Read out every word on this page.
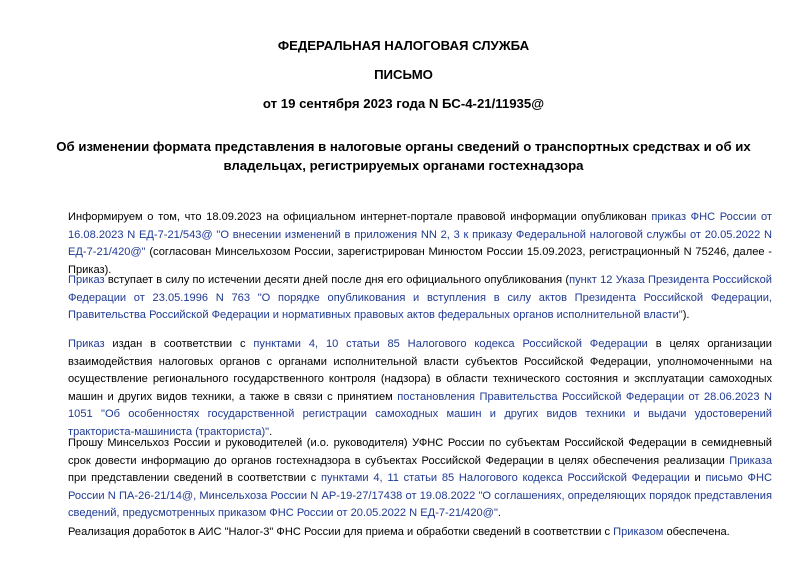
ФЕДЕРАЛЬНАЯ НАЛОГОВАЯ СЛУЖБА
ПИСЬМО
от 19 сентября 2023 года N БС-4-21/11935@
Об изменении формата представления в налоговые органы сведений о транспортных средствах и об их владельцах, регистрируемых органами гостехнадзора
Информируем о том, что 18.09.2023 на официальном интернет-портале правовой информации опубликован приказ ФНС России от 16.08.2023 N ЕД-7-21/543@ "О внесении изменений в приложения NN 2, 3 к приказу Федеральной налоговой службы от 20.05.2022 N ЕД-7-21/420@" (согласован Минсельхозом России, зарегистрирован Минюстом России 15.09.2023, регистрационный N 75246, далее - Приказ).
Приказ вступает в силу по истечении десяти дней после дня его официального опубликования (пункт 12 Указа Президента Российской Федерации от 23.05.1996 N 763 "О порядке опубликования и вступления в силу актов Президента Российской Федерации, Правительства Российской Федерации и нормативных правовых актов федеральных органов исполнительной власти").
Приказ издан в соответствии с пунктами 4, 10 статьи 85 Налогового кодекса Российской Федерации в целях организации взаимодействия налоговых органов с органами исполнительной власти субъектов Российской Федерации, уполномоченными на осуществление регионального государственного контроля (надзора) в области технического состояния и эксплуатации самоходных машин и других видов техники, а также в связи с принятием постановления Правительства Российской Федерации от 28.06.2023 N 1051 "Об особенностях государственной регистрации самоходных машин и других видов техники и выдачи удостоверений тракториста-машиниста (тракториста)".
Прошу Минсельхоз России и руководителей (и.о. руководителя) УФНС России по субъектам Российской Федерации в семидневный срок довести информацию до органов гостехнадзора в субъектах Российской Федерации в целях обеспечения реализации Приказа при представлении сведений в соответствии с пунктами 4, 11 статьи 85 Налогового кодекса Российской Федерации и письмо ФНС России N ПА-26-21/14@, Минсельхоза России N АР-19-27/17438 от 19.08.2022 "О соглашениях, определяющих порядок представления сведений, предусмотренных приказом ФНС России от 20.05.2022 N ЕД-7-21/420@".
Реализация доработок в АИС "Налог-3" ФНС России для приема и обработки сведений в соответствии с Приказом обеспечена.
